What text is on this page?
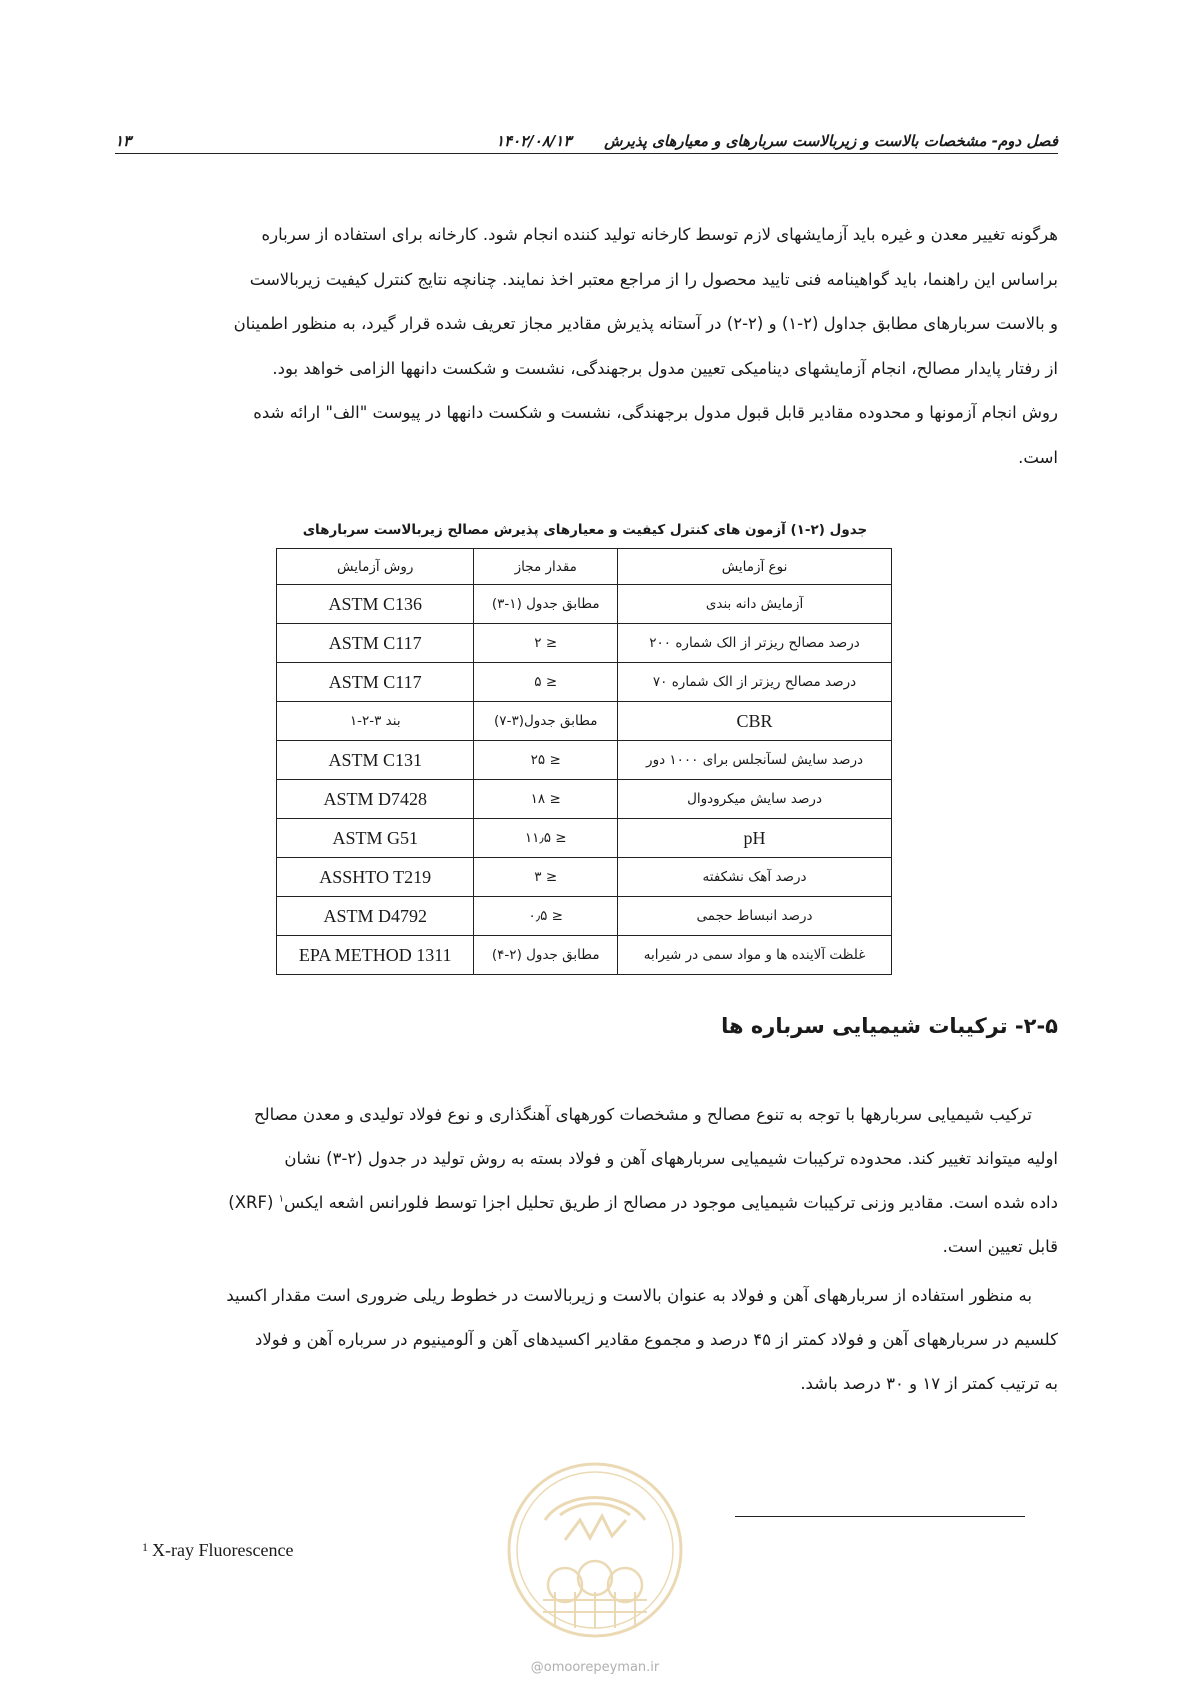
فصل دوم- مشخصات بالاست و زیربالاست سربارهای و معیارهای پذیرش
۱۴۰۲/۰۸/۱۳
۱۳
هرگونه تغییر معدن و غیره باید آزمایشهای لازم توسط کارخانه تولید کننده انجام شود. کارخانه برای استفاده از سرباره
براساس این راهنما، باید گواهینامه فنی تایید محصول را از مراجع معتبر اخذ نمایند. چنانچه نتایج کنترل کیفیت زیربالاست
و بالاست سربارهای مطابق جداول (۲-۱) و (۲-۲) در آستانه پذیرش مقادیر مجاز تعریف شده قرار گیرد، به منظور اطمینان
از رفتار پایدار مصالح، انجام آزمایشهای دینامیکی تعیین مدول برجهندگی، نشست و شکست دانهها الزامی خواهد بود.
روش انجام آزمونها و محدوده مقادیر قابل قبول مدول برجهندگی، نشست و شکست دانهها در پیوست "الف" ارائه شده
است.
جدول (۲-۱) آزمون های کنترل کیفیت و معیارهای پذیرش مصالح زیربالاست سربارهای
نوع آزمایش	مقدار مجاز	روش آزمایش
آزمایش دانه بندی	مطابق جدول (۱-۳)	ASTM C136
درصد مصالح ریزتر از الک شماره ۲۰۰	≤ ۲	ASTM C117
درصد مصالح ریزتر از الک شماره ۷۰	≤ ۵	ASTM C117
CBR	مطابق جدول(۳-۷)	بند ۳-۲-۱
درصد سایش لسآنجلس برای ۱۰۰۰ دور	≤ ۲۵	ASTM C131
درصد سایش میکرودوال	≤ ۱۸	ASTM D7428
pH	≤ ۱۱٫۵	ASTM G51
درصد آهک نشکفته	≤ ۳	ASSHTO T219
درصد انبساط حجمی	≤ ۰٫۵	ASTM D4792
غلظت آلاینده ها و مواد سمی در شیرابه	مطابق جدول (۲-۴)	EPA METHOD 1311
۲-۵- ترکیبات شیمیایی سرباره ها
ترکیب شیمیایی سربارهها با توجه به تنوع مصالح و مشخصات کورههای آهنگذاری و نوع فولاد تولیدی و معدن مصالح
اولیه میتواند تغییر کند. محدوده ترکیبات شیمیایی سربارههای آهن و فولاد بسته به روش تولید در جدول (۲-۳) نشان
داده شده است. مقادیر وزنی ترکیبات شیمیایی موجود در مصالح از طریق تحلیل اجزا توسط فلورانس اشعه ایکس$^۱$ (XRF)
قابل تعیین است.
به منظور استفاده از سربارههای آهن و فولاد به عنوان بالاست و زیربالاست در خطوط ریلی ضروری است مقدار اکسید
کلسیم در سربارههای آهن و فولاد کمتر از ۴۵ درصد و مجموع مقادیر اکسیدهای آهن و آلومینیوم در سرباره آهن و فولاد
به ترتیب کمتر از ۱۷ و ۳۰ درصد باشد.
$^1$ X-ray Fluorescence
@omoorepeyman.ir
